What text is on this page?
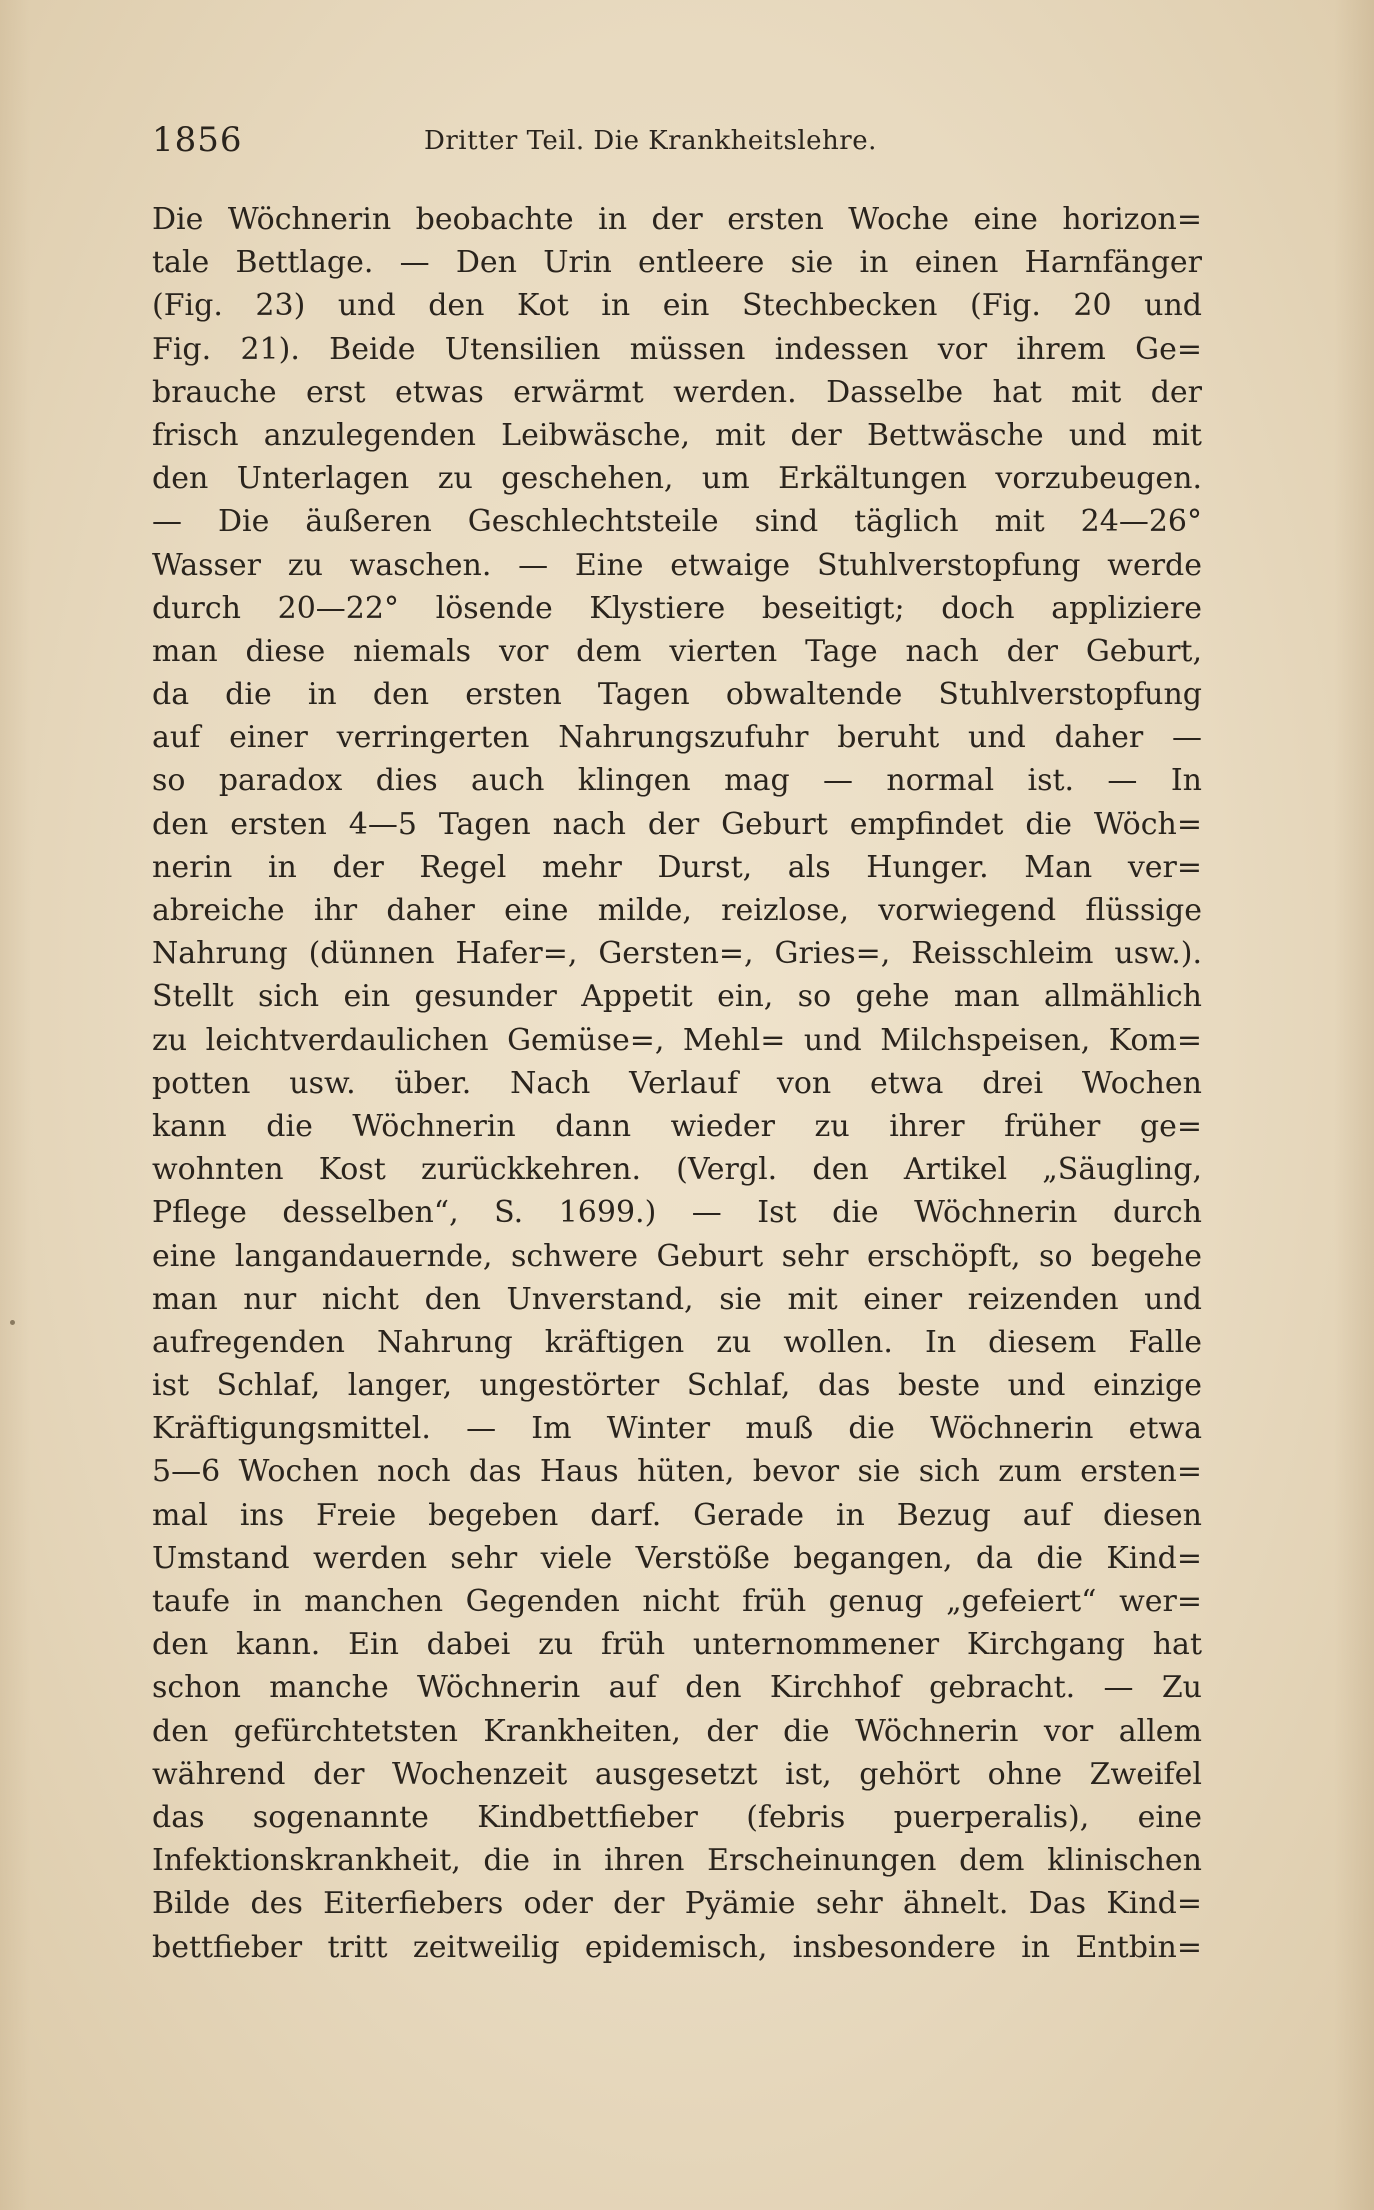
1856	Dritter Teil. Die Krankheitslehre.
Die Wöchnerin beobachte in der ersten Woche eine horizon=
tale Bettlage. — Den Urin entleere sie in einen Harnfänger
(Fig. 23) und den Kot in ein Stechbecken (Fig. 20 und
Fig. 21). Beide Utensilien müssen indessen vor ihrem Ge=
brauche erst etwas erwärmt werden. Dasselbe hat mit der
frisch anzulegenden Leibwäsche, mit der Bettwäsche und mit
den Unterlagen zu geschehen, um Erkältungen vorzubeugen.
— Die äußeren Geschlechtsteile sind täglich mit 24—26°
Wasser zu waschen. — Eine etwaige Stuhlverstopfung werde
durch 20—22° lösende Klystiere beseitigt; doch appliziere
man diese niemals vor dem vierten Tage nach der Geburt,
da die in den ersten Tagen obwaltende Stuhlverstopfung
auf einer verringerten Nahrungszufuhr beruht und daher —
so paradox dies auch klingen mag — normal ist. — In
den ersten 4—5 Tagen nach der Geburt empfindet die Wöch=
nerin in der Regel mehr Durst, als Hunger. Man ver=
abreiche ihr daher eine milde, reizlose, vorwiegend flüssige
Nahrung (dünnen Hafer=, Gersten=, Gries=, Reisschleim usw.).
Stellt sich ein gesunder Appetit ein, so gehe man allmählich
zu leichtverdaulichen Gemüse=, Mehl= und Milchspeisen, Kom=
potten usw. über. Nach Verlauf von etwa drei Wochen
kann die Wöchnerin dann wieder zu ihrer früher ge=
wohnten Kost zurückkehren. (Vergl. den Artikel „Säugling,
Pflege desselben“, S. 1699.) — Ist die Wöchnerin durch
eine langandauernde, schwere Geburt sehr erschöpft, so begehe
man nur nicht den Unverstand, sie mit einer reizenden und
aufregenden Nahrung kräftigen zu wollen. In diesem Falle
ist Schlaf, langer, ungestörter Schlaf, das beste und einzige
Kräftigungsmittel. — Im Winter muß die Wöchnerin etwa
5—6 Wochen noch das Haus hüten, bevor sie sich zum ersten=
mal ins Freie begeben darf. Gerade in Bezug auf diesen
Umstand werden sehr viele Verstöße begangen, da die Kind=
taufe in manchen Gegenden nicht früh genug „gefeiert“ wer=
den kann. Ein dabei zu früh unternommener Kirchgang hat
schon manche Wöchnerin auf den Kirchhof gebracht. — Zu
den gefürchtetsten Krankheiten, der die Wöchnerin vor allem
während der Wochenzeit ausgesetzt ist, gehört ohne Zweifel
das sogenannte Kindbettfieber (febris puerperalis), eine
Infektionskrankheit, die in ihren Erscheinungen dem klinischen
Bilde des Eiterfiebers oder der Pyämie sehr ähnelt. Das Kind=
bettfieber tritt zeitweilig epidemisch, insbesondere in Entbin=
